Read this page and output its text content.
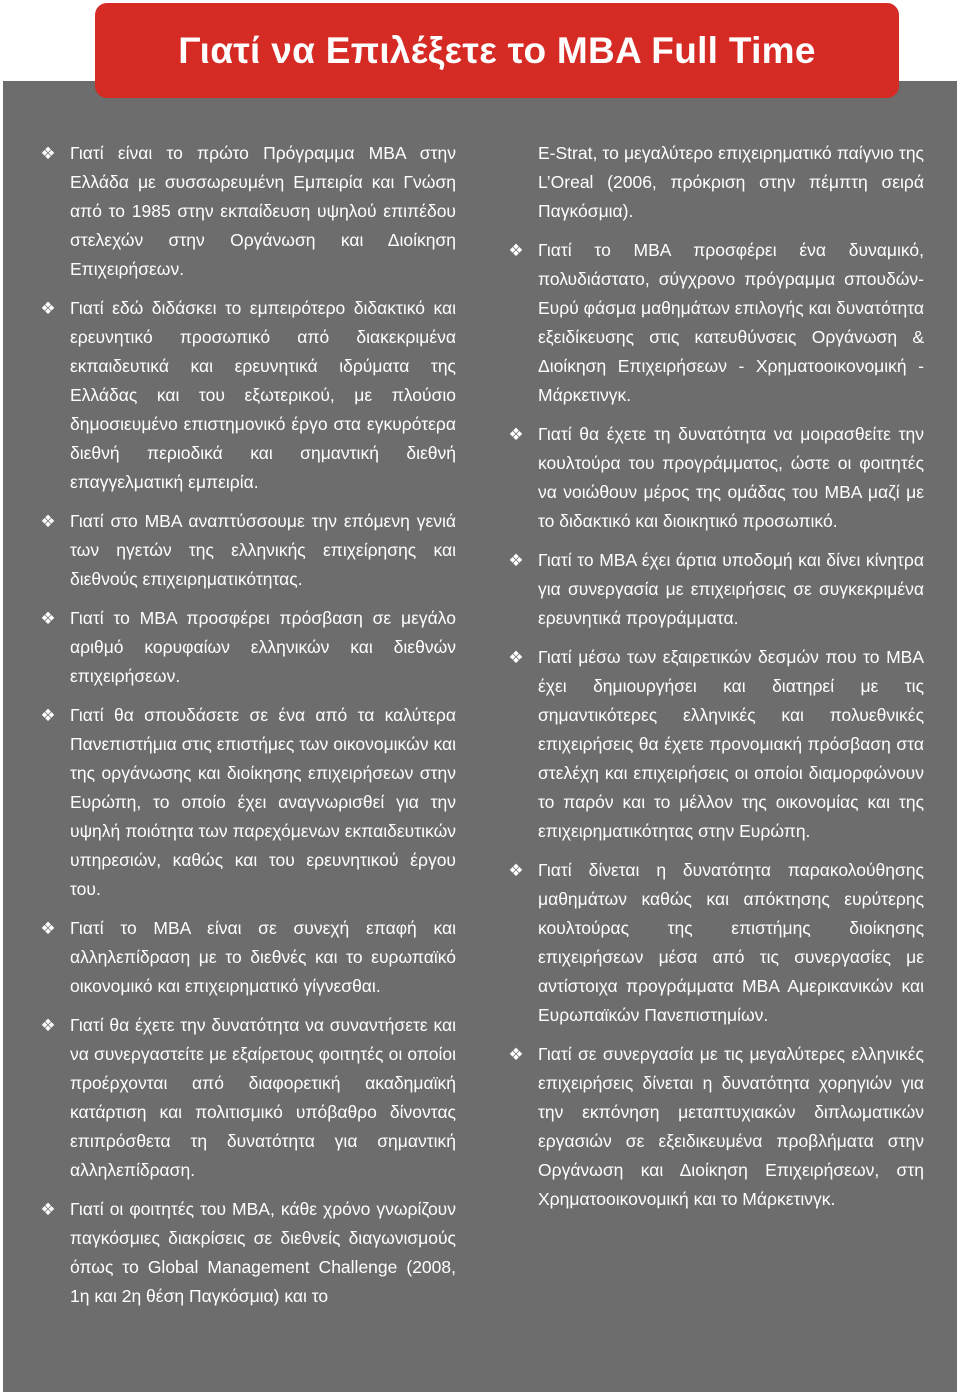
Γιατί να Επιλέξετε το MBA Full Time

❖ Γιατί είναι το πρώτο Πρόγραμμα MBA στην Ελλάδα με συσσωρευμένη Εμπειρία και Γνώση από το 1985 στην εκπαίδευση υψηλού επιπέδου στελεχών στην Οργάνωση και Διοίκηση Επιχειρήσεων.

❖ Γιατί εδώ διδάσκει το εμπειρότερο διδακτικό και ερευνητικό προσωπικό από διακεκριμένα εκπαιδευτικά και ερευνητικά ιδρύματα της Ελλάδας και του εξωτερικού, με πλούσιο δημοσιευμένο επιστημονικό έργο στα εγκυρότερα διεθνή περιοδικά και σημαντική διεθνή επαγγελματική εμπειρία.

❖ Γιατί στο MBA αναπτύσσουμε την επόμενη γενιά των ηγετών της ελληνικής επιχείρησης και διεθνούς επιχειρηματικότητας.

❖ Γιατί το MBA προσφέρει πρόσβαση σε μεγάλο αριθμό κορυφαίων ελληνικών και διεθνών επιχειρήσεων.

❖ Γιατί θα σπουδάσετε σε ένα από τα καλύτερα Πανεπιστήμια στις επιστήμες των οικονομικών και της οργάνωσης και διοίκησης επιχειρήσεων στην Ευρώπη, το οποίο έχει αναγνωρισθεί για την υψηλή ποιότητα των παρεχόμενων εκπαιδευτικών υπηρεσιών, καθώς και του ερευνητικού έργου του.

❖ Γιατί το MBA είναι σε συνεχή επαφή και αλληλεπίδραση με το διεθνές και το ευρωπαϊκό οικονομικό και επιχειρηματικό γίγνεσθαι.

❖ Γιατί θα έχετε την δυνατότητα να συναντήσετε και να συνεργαστείτε με εξαίρετους φοιτητές οι οποίοι προέρχονται από διαφορετική ακαδημαϊκή κατάρτιση και πολιτισμικό υπόβαθρο δίνοντας επιπρόσθετα τη δυνατότητα για σημαντική αλληλεπίδραση.

❖ Γιατί οι φοιτητές του MBA, κάθε χρόνο γνωρίζουν παγκόσμιες διακρίσεις σε διεθνείς διαγωνισμούς όπως το Global Management Challenge (2008, 1η και 2η θέση Παγκόσμια) και το

E-Strat, το μεγαλύτερο επιχειρηματικό παίγνιο της L’Oreal (2006, πρόκριση στην πέμπτη σειρά Παγκόσμια).

❖ Γιατί το MBA προσφέρει ένα δυναμικό, πολυδιάστατο, σύγχρονο πρόγραμμα σπουδών-Ευρύ φάσμα μαθημάτων επιλογής και δυνατότητα εξειδίκευσης στις κατευθύνσεις Οργάνωση & Διοίκηση Επιχειρήσεων - Χρηματοοικονομική - Μάρκετινγκ.

❖ Γιατί θα έχετε τη δυνατότητα να μοιρασθείτε την κουλτούρα του προγράμματος, ώστε οι φοιτητές να νοιώθουν μέρος της ομάδας του MBA μαζί με το διδακτικό και διοικητικό προσωπικό.

❖ Γιατί το MBA έχει άρτια υποδομή και δίνει κίνητρα για συνεργασία με επιχειρήσεις σε συγκεκριμένα ερευνητικά προγράμματα.

❖ Γιατί μέσω των εξαιρετικών δεσμών που το MBA έχει δημιουργήσει και διατηρεί με τις σημαντικότερες ελληνικές και πολυεθνικές επιχειρήσεις θα έχετε προνομιακή πρόσβαση στα στελέχη και επιχειρήσεις οι οποίοι διαμορφώνουν το παρόν και το μέλλον της οικονομίας και της επιχειρηματικότητας στην Ευρώπη.

❖ Γιατί δίνεται η δυνατότητα παρακολούθησης μαθημάτων καθώς και απόκτησης ευρύτερης κουλτούρας της επιστήμης διοίκησης επιχειρήσεων μέσα από τις συνεργασίες με αντίστοιχα προγράμματα MBA Αμερικανικών και Ευρωπαϊκών Πανεπιστημίων.

❖ Γιατί σε συνεργασία με τις μεγαλύτερες ελληνικές επιχειρήσεις δίνεται η δυνατότητα χορηγιών για την εκπόνηση μεταπτυχιακών διπλωματικών εργασιών σε εξειδικευμένα προβλήματα στην Οργάνωση και Διοίκηση Επιχειρήσεων, στη Χρηματοοικονομική και το Μάρκετινγκ.
